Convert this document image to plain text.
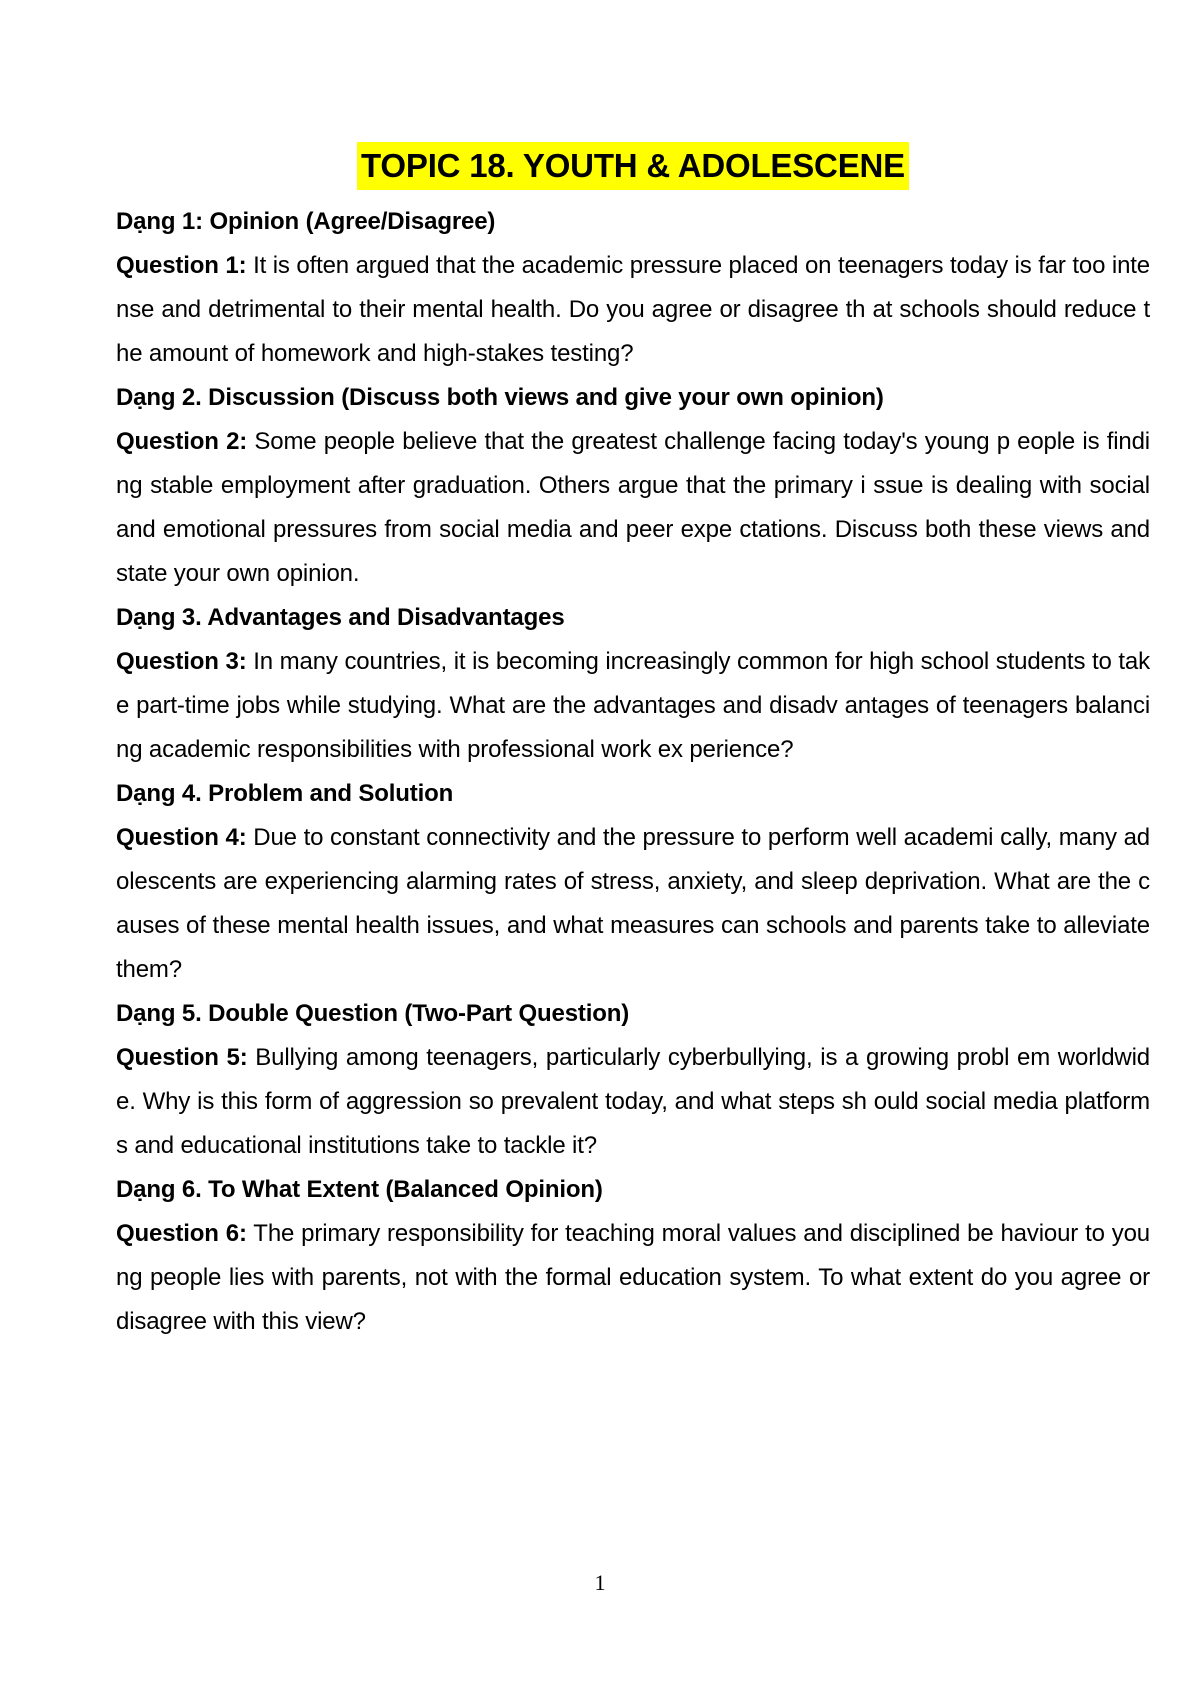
TOPIC 18. YOUTH & ADOLESCENE

Dạng 1: Opinion (Agree/Disagree)

Question 1: It is often argued that the academic pressure placed on teenagers today is far too intense and detrimental to their mental health. Do you agree or disagree th at schools should reduce the amount of homework and high-stakes testing?

Dạng 2. Discussion (Discuss both views and give your own opinion)

Question 2: Some people believe that the greatest challenge facing today's young p eople is finding stable employment after graduation. Others argue that the primary i ssue is dealing with social and emotional pressures from social media and peer expe ctations. Discuss both these views and state your own opinion.

Dạng 3. Advantages and Disadvantages

Question 3: In many countries, it is becoming increasingly common for high school students to take part-time jobs while studying. What are the advantages and disadv antages of teenagers balancing academic responsibilities with professional work ex perience?

Dạng 4. Problem and Solution

Question 4: Due to constant connectivity and the pressure to perform well academi cally, many adolescents are experiencing alarming rates of stress, anxiety, and sleep deprivation. What are the causes of these mental health issues, and what measures can schools and parents take to alleviate them?

Dạng 5. Double Question (Two-Part Question)

Question 5: Bullying among teenagers, particularly cyberbullying, is a growing probl em worldwide. Why is this form of aggression so prevalent today, and what steps sh ould social media platforms and educational institutions take to tackle it?

Dạng 6. To What Extent (Balanced Opinion)

Question 6: The primary responsibility for teaching moral values and disciplined be haviour to young people lies with parents, not with the formal education system. To what extent do you agree or disagree with this view?

1
